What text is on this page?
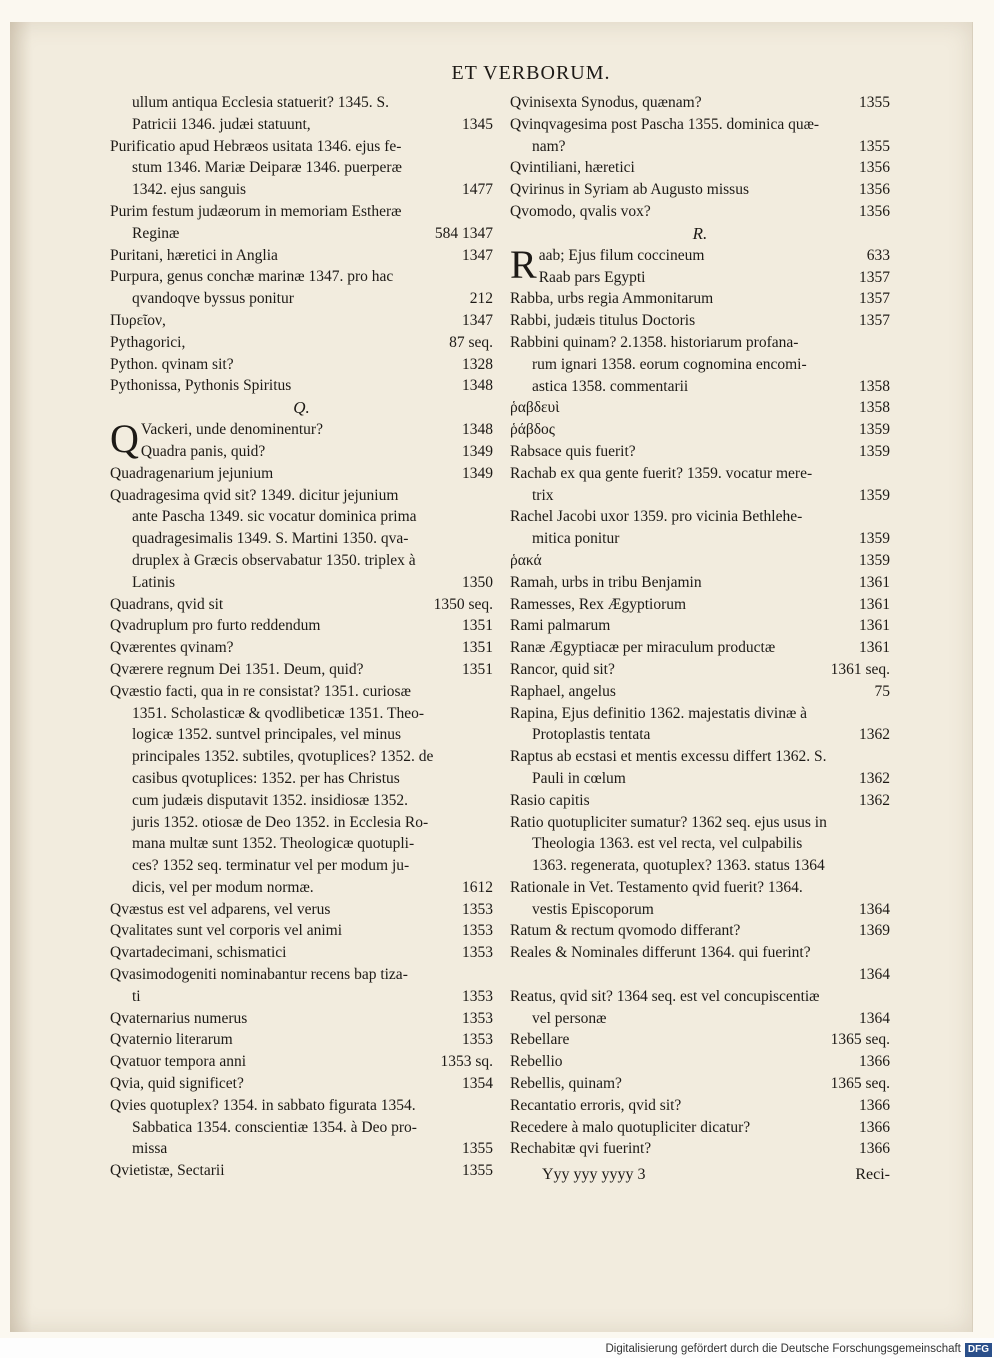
ET VERBORUM.
ullum antiqua Ecclesia statuerit? 1345. S.
Patricii 1346. judæi statuunt,	1345
Purificatio apud Hebræos usitata 1346. ejus fe-
stum 1346. Mariæ Deiparæ 1346. puerperæ
1342. ejus sanguis	1477
Purim festum judæorum in memoriam Estheræ
Reginæ	584 1347
Puritani, hæretici in Anglia	1347
Purpura, genus conchæ marinæ 1347. pro hac
qvandoqve byssus ponitur	212
Πυρεῖον,	1347
Pythagorici,	87 seq.
Python. qvinam sit?	1328
Pythonissa, Pythonis Spiritus	1348
Q.
Q Vackeri, unde denominentur?	1348
Quadra panis, quid?	1349
Quadragenarium jejunium	1349
Quadragesima qvid sit? 1349. dicitur jejunium
ante Pascha 1349. sic vocatur dominica prima
quadragesimalis 1349. S. Martini 1350. qva-
druplex à Græcis observabatur 1350. triplex à
Latinis	1350
Quadrans, qvid sit	1350 seq.
Qvadruplum pro furto reddendum	1351
Qværentes qvinam?	1351
Qværere regnum Dei 1351. Deum, quid?	1351
Qvæstio facti, qua in re consistat? 1351. curiosæ
1351. Scholasticæ & qvodlibeticæ 1351. Theo-
logicæ 1352. suntvel principales, vel minus
principales 1352. subtiles, qvotuplices? 1352. de
casibus qvotuplices: 1352. per has Christus
cum judæis disputavit 1352. insidiosæ 1352.
juris 1352. otiosæ de Deo 1352. in Ecclesia Ro-
mana multæ sunt 1352. Theologicæ quotupli-
ces? 1352 seq. terminatur vel per modum ju-
dicis, vel per modum normæ.	1612
Qvæstus est vel adparens, vel verus	1353
Qvalitates sunt vel corporis vel animi	1353
Qvartadecimani, schismatici	1353
Qvasimodogeniti nominabantur recens bap tiza-
ti	1353
Qvaternarius numerus	1353
Qvaternio literarum	1353
Qvatuor tempora anni	1353 sq.
Qvia, quid significet?	1354
Qvies quotuplex? 1354. in sabbato figurata 1354.
Sabbatica 1354. conscientiæ 1354. à Deo pro-
missa	1355
Qvietistæ, Sectarii	1355
Qvinisexta Synodus, quænam?	1355
Qvinqvagesima post Pascha 1355. dominica quæ-
nam?	1355
Qvintiliani, hæretici	1356
Qvirinus in Syriam ab Augusto missus	1356
Qvomodo, qvalis vox?	1356
R.
R aab; Ejus filum coccineum	633
Raab pars Egypti	1357
Rabba, urbs regia Ammonitarum	1357
Rabbi, judæis titulus Doctoris	1357
Rabbini quinam? 2.1358. historiarum profana-
rum ignari 1358. eorum cognomina encomi-
astica 1358. commentarii	1358
ῥαβδευὶ	1358
ῥάβδος	1359
Rabsace quis fuerit?	1359
Rachab ex qua gente fuerit? 1359. vocatur mere-
trix	1359
Rachel Jacobi uxor 1359. pro vicinia Bethlehe-
mitica ponitur	1359
ῥακά	1359
Ramah, urbs in tribu Benjamin	1361
Ramesses, Rex Ægyptiorum	1361
Rami palmarum	1361
Ranæ Ægyptiacæ per miraculum productæ	1361
Rancor, quid sit?	1361 seq.
Raphael, angelus	75
Rapina, Ejus definitio 1362. majestatis divinæ à
Protoplastis tentata	1362
Raptus ab ecstasi et mentis excessu differt 1362. S.
Pauli in cœlum	1362
Rasio capitis	1362
Ratio quotupliciter sumatur? 1362 seq. ejus usus in
Theologia 1363. est vel recta, vel culpabilis
1363. regenerata, quotuplex? 1363. status 1364
Rationale in Vet. Testamento qvid fuerit? 1364.
vestis Episcoporum	1364
Ratum & rectum qvomodo differant?	1369
Reales & Nominales differunt 1364. qui fuerint?

1364
Reatus, qvid sit? 1364 seq. est vel concupiscentiæ
vel personæ	1364
Rebellare	1365 seq.
Rebellio	1366
Rebellis, quinam?	1365 seq.
Recantatio erroris, qvid sit?	1366
Recedere à malo quotupliciter dicatur?	1366
Rechabitæ qvi fuerint?	1366
Yyy yyy yyyy 3	Reci-
Digitalisierung gefördert durch die Deutsche Forschungsgemeinschaft DFG
